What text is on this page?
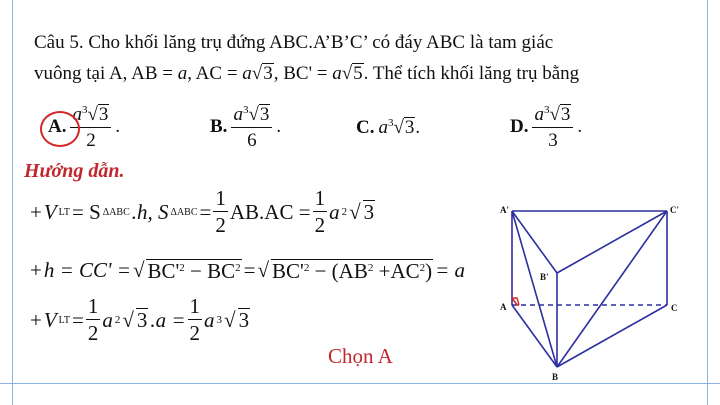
Câu 5. Cho khối lăng trụ đứng ABC.A’B’C’ có đáy ABC là tam giác
vuông tại A, AB = a, AC = a√3, BC' = a√5. Thể tích khối lăng trụ bằng
A. $\frac{a^3√3}{2}$ .	B. $\frac{a^3√3}{6}$ .	C. $a^3√3$.	D. $\frac{a^3√3}{3}$ .
Hướng dẫn.
+ V LT = S ΔABC .h, S $\Delta ABC = \frac{1}{2} AB.AC = \frac{1}{2}$ a 2 √ 3
+ h = CC' = √ $BC'^2 - BC^2$ = √ $BC'^2 - (AB^2 +AC^2) = a$
+ V LT = $\frac{1}{2}$ a 2 √ 3 $.a = \frac{1}{2}$ a 3 √ 3
Chọn A
A'	C'
B'
A	C
B
